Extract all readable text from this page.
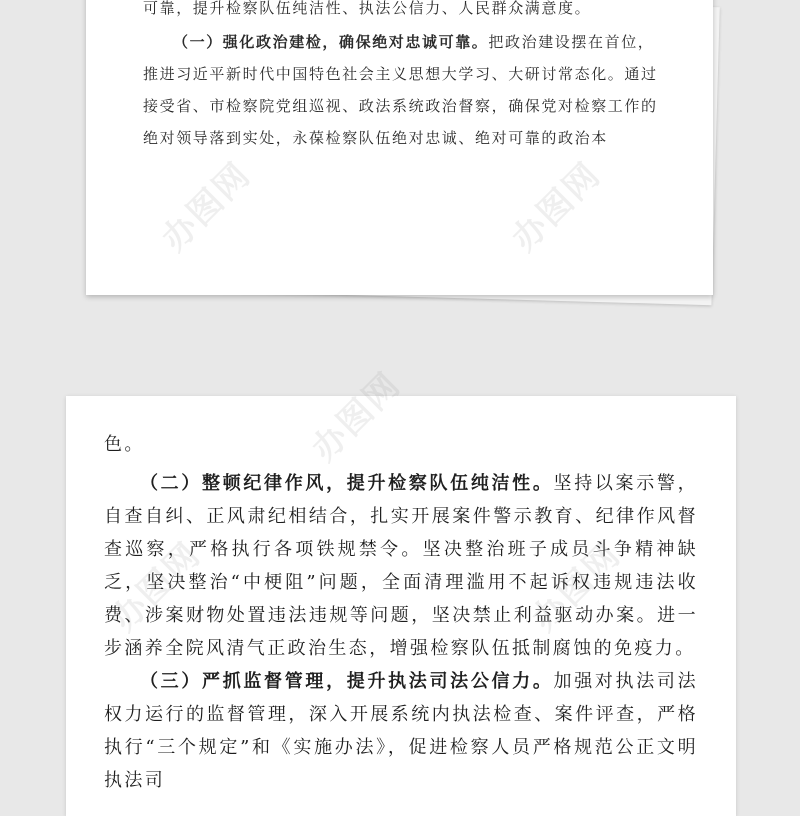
可靠，提升检察队伍纯洁性、执法公信力、人民群众满意度。

（一）强化政治建检，确保绝对忠诚可靠。把政治建设摆在首位，推进习近平新时代中国特色社会主义思想大学习、大研讨常态化。通过接受省、市检察院党组巡视、政法系统政治督察，确保党对检察工作的绝对领导落到实处，永葆检察队伍绝对忠诚、绝对可靠的政治本

色。

（二）整顿纪律作风，提升检察队伍纯洁性。坚持以案示警，自查自纠、正风肃纪相结合，扎实开展案件警示教育、纪律作风督查巡察，严格执行各项铁规禁令。坚决整治班子成员斗争精神缺乏，坚决整治“中梗阻”问题，全面清理滥用不起诉权违规违法收费、涉案财物处置违法违规等问题，坚决禁止利益驱动办案。进一步涵养全院风清气正政治生态，增强检察队伍抵制腐蚀的免疫力。

（三）严抓监督管理，提升执法司法公信力。加强对执法司法权力运行的监督管理，深入开展系统内执法检查、案件评查，严格执行“三个规定”和《实施办法》，促进检察人员严格规范公正文明执法司
